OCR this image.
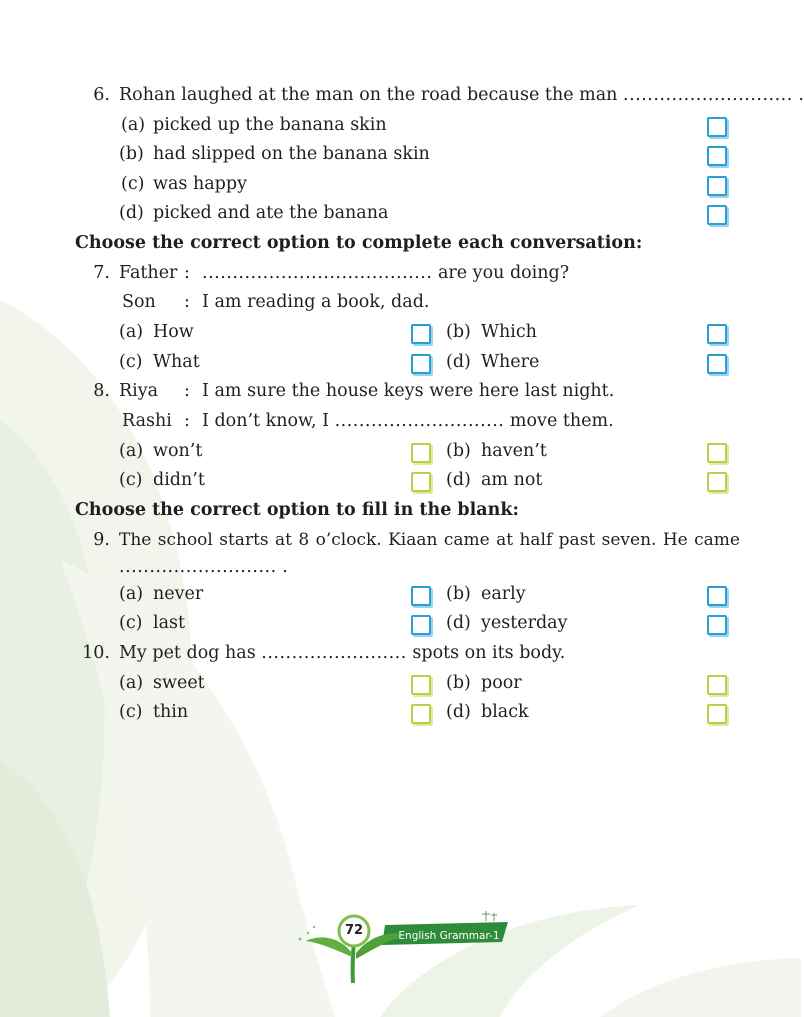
6. Rohan laughed at the man on the road because the man ............................ .
(a) picked up the banana skin
(b) had slipped on the banana skin
(c) was happy
(d) picked and ate the banana
Choose the correct option to complete each conversation:
7. Father : ...................................... are you doing?
Son : I am reading a book, dad.
(a) How	(b) Which
(c) What	(d) Where
8. Riya : I am sure the house keys were here last night.
Rashi : I don’t know, I ............................ move them.
(a) won’t	(b) haven’t
(c) didn’t	(d) am not
Choose the correct option to fill in the blank:
9. The school starts at 8 o’clock. Kiaan came at half past seven. He came
.......................... .
(a) never	(b) early
(c) last	(d) yesterday
10. My pet dog has ........................ spots on its body.
(a) sweet	(b) poor
(c) thin	(d) black
72	English Grammar-1
